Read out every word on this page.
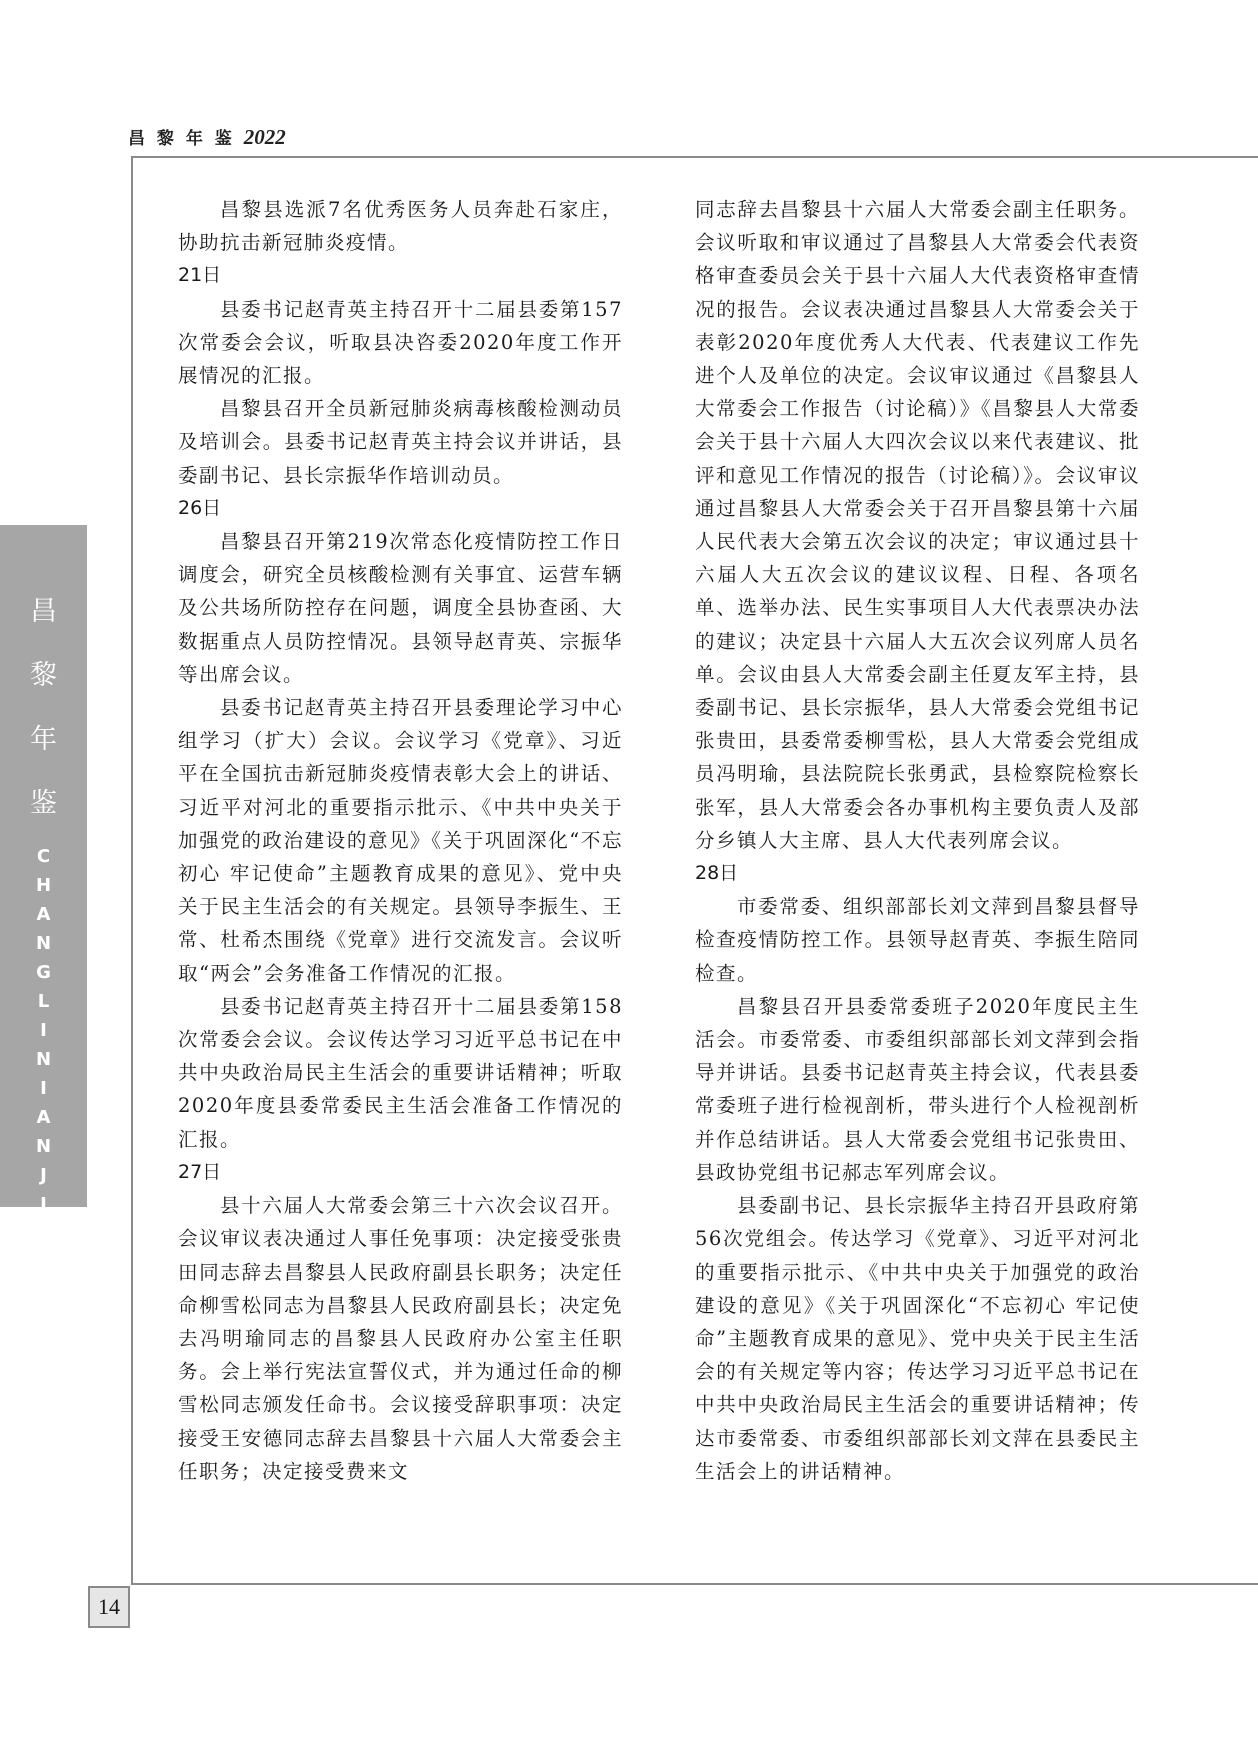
昌 黎 年 鉴 2022
昌
黎
年
鉴
C
H
A
N
G
L
I
N
I
A
N
J
I
A
N

昌黎县选派7名优秀医务人员奔赴石家庄，协助抗击新冠肺炎疫情。

21日

县委书记赵青英主持召开十二届县委第157次常委会会议，听取县决咨委2020年度工作开展情况的汇报。

昌黎县召开全员新冠肺炎病毒核酸检测动员及培训会。县委书记赵青英主持会议并讲话，县委副书记、县长宗振华作培训动员。

26日

昌黎县召开第219次常态化疫情防控工作日调度会，研究全员核酸检测有关事宜、运营车辆及公共场所防控存在问题，调度全县协查函、大数据重点人员防控情况。县领导赵青英、宗振华等出席会议。

县委书记赵青英主持召开县委理论学习中心组学习（扩大）会议。会议学习《党章》、习近平在全国抗击新冠肺炎疫情表彰大会上的讲话、习近平对河北的重要指示批示、《中共中央关于加强党的政治建设的意见》《关于巩固深化“不忘初心 牢记使命”主题教育成果的意见》、党中央关于民主生活会的有关规定。县领导李振生、王常、杜希杰围绕《党章》进行交流发言。会议听取“两会”会务准备工作情况的汇报。

县委书记赵青英主持召开十二届县委第158次常委会会议。会议传达学习习近平总书记在中共中央政治局民主生活会的重要讲话精神；听取2020年度县委常委民主生活会准备工作情况的汇报。

27日

县十六届人大常委会第三十六次会议召开。会议审议表决通过人事任免事项：决定接受张贵田同志辞去昌黎县人民政府副县长职务；决定任命柳雪松同志为昌黎县人民政府副县长；决定免去冯明瑜同志的昌黎县人民政府办公室主任职务。会上举行宪法宣誓仪式，并为通过任命的柳雪松同志颁发任命书。会议接受辞职事项：决定接受王安德同志辞去昌黎县十六届人大常委会主任职务；决定接受费来文

同志辞去昌黎县十六届人大常委会副主任职务。会议听取和审议通过了昌黎县人大常委会代表资格审查委员会关于县十六届人大代表资格审查情况的报告。会议表决通过昌黎县人大常委会关于表彰2020年度优秀人大代表、代表建议工作先进个人及单位的决定。会议审议通过《昌黎县人大常委会工作报告（讨论稿）》《昌黎县人大常委会关于县十六届人大四次会议以来代表建议、批评和意见工作情况的报告（讨论稿）》。会议审议通过昌黎县人大常委会关于召开昌黎县第十六届人民代表大会第五次会议的决定；审议通过县十六届人大五次会议的建议议程、日程、各项名单、选举办法、民生实事项目人大代表票决办法的建议；决定县十六届人大五次会议列席人员名单。会议由县人大常委会副主任夏友军主持，县委副书记、县长宗振华，县人大常委会党组书记张贵田，县委常委柳雪松，县人大常委会党组成员冯明瑜，县法院院长张勇武，县检察院检察长张军，县人大常委会各办事机构主要负责人及部分乡镇人大主席、县人大代表列席会议。

28日

市委常委、组织部部长刘文萍到昌黎县督导检查疫情防控工作。县领导赵青英、李振生陪同检查。

昌黎县召开县委常委班子2020年度民主生活会。市委常委、市委组织部部长刘文萍到会指导并讲话。县委书记赵青英主持会议，代表县委常委班子进行检视剖析，带头进行个人检视剖析并作总结讲话。县人大常委会党组书记张贵田、县政协党组书记郝志军列席会议。

县委副书记、县长宗振华主持召开县政府第56次党组会。传达学习《党章》、习近平对河北的重要指示批示、《中共中央关于加强党的政治建设的意见》《关于巩固深化“不忘初心 牢记使命”主题教育成果的意见》、党中央关于民主生活会的有关规定等内容；传达学习习近平总书记在中共中央政治局民主生活会的重要讲话精神；传达市委常委、市委组织部部长刘文萍在县委民主生活会上的讲话精神。

14
